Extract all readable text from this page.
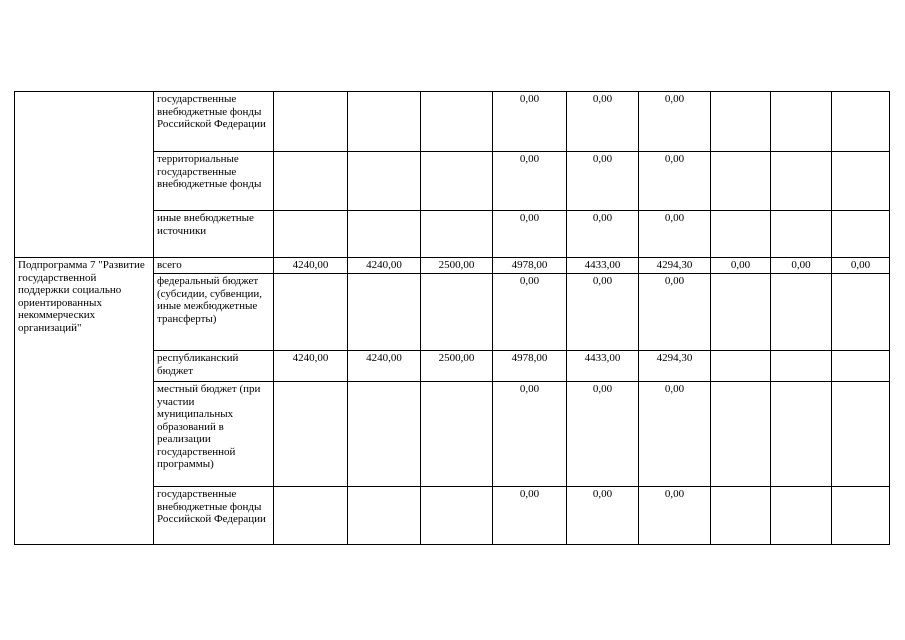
	государственные внебюджетные фонды Российской Федерации				0,00	0,00	0,00			
	территориальные государственные внебюджетные фонды				0,00	0,00	0,00			
	иные внебюджетные источники				0,00	0,00	0,00			
Подпрограмма 7 "Развитие государственной поддержки социально ориентированных некоммерческих организаций"	всего	4240,00	4240,00	2500,00	4978,00	4433,00	4294,30	0,00	0,00	0,00
	федеральный бюджет (субсидии, субвенции, иные межбюджетные трансферты)				0,00	0,00	0,00			
	республиканский бюджет	4240,00	4240,00	2500,00	4978,00	4433,00	4294,30			
	местный бюджет (при участии муниципальных образований в реализации государственной программы)				0,00	0,00	0,00			
	государственные внебюджетные фонды Российской Федерации				0,00	0,00	0,00			
